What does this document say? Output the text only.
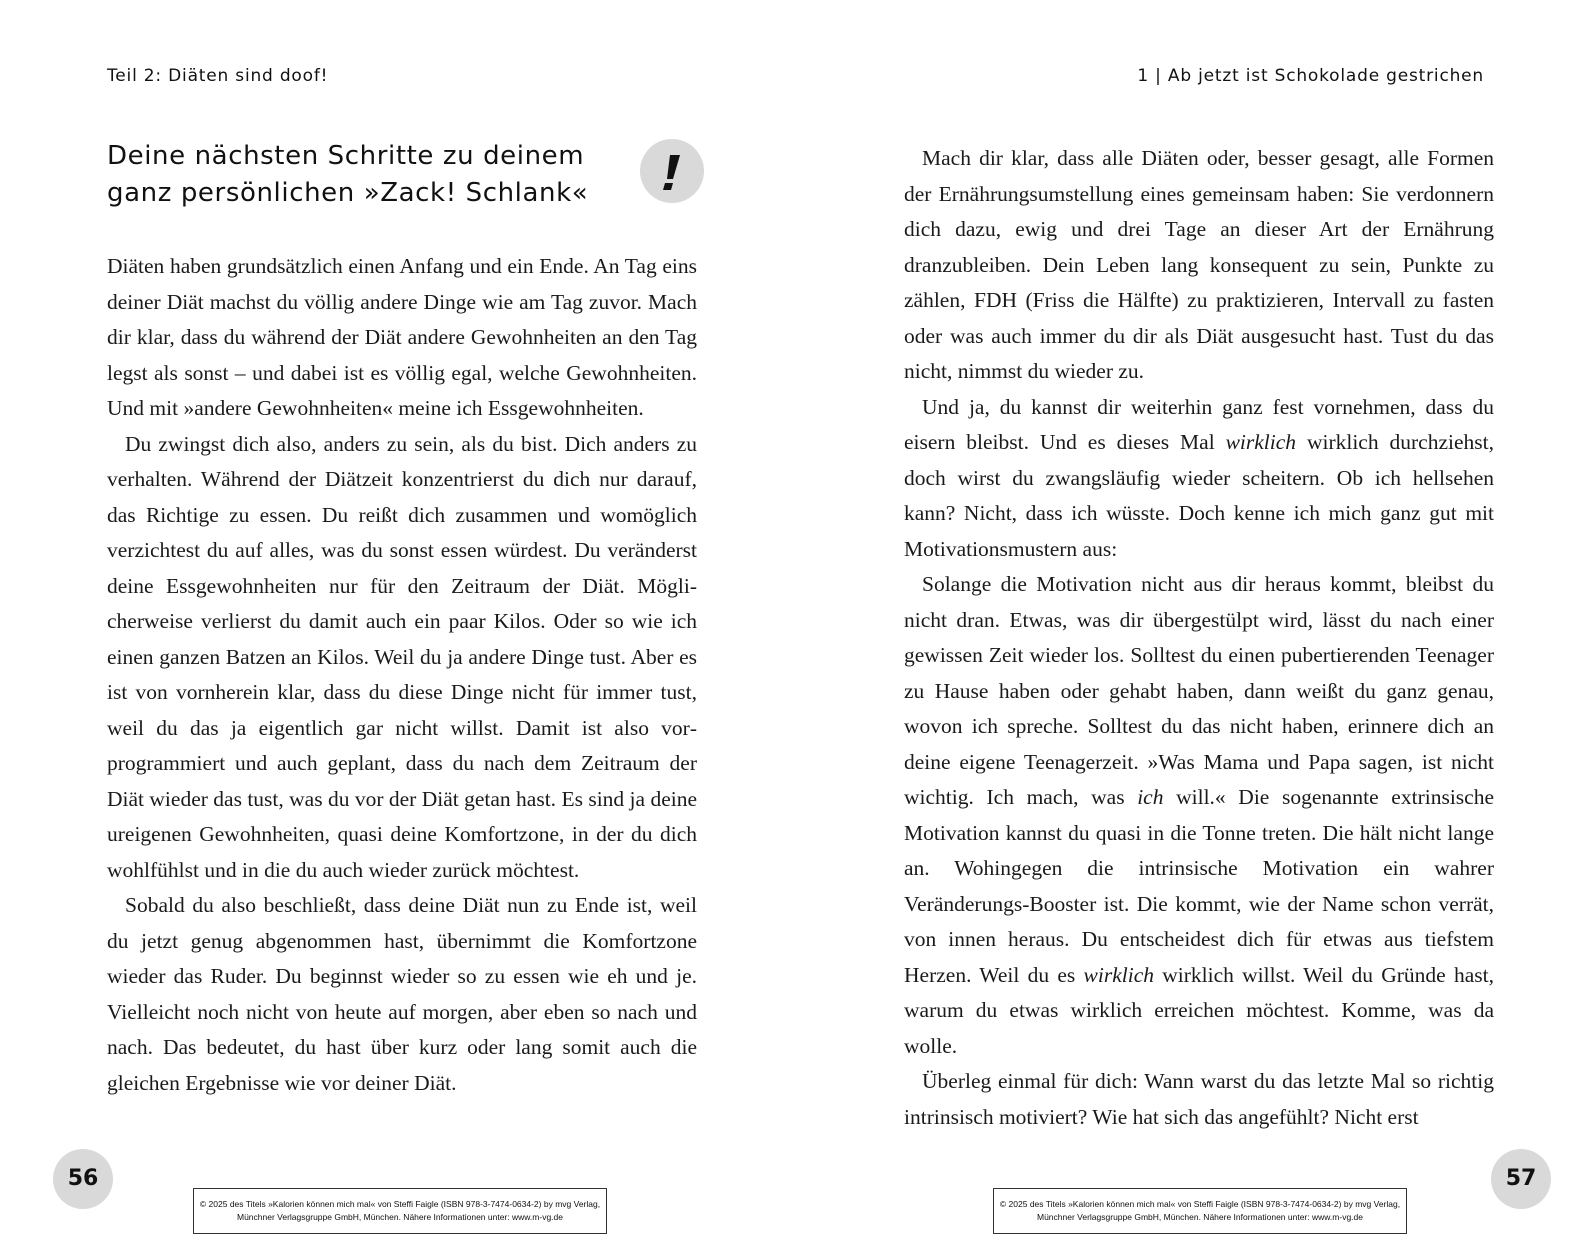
Teil 2: Diäten sind doof!
Deine nächsten Schritte zu deinem
ganz persönlichen »Zack! Schlank«

Diäten haben grundsätzlich einen Anfang und ein Ende. An Tag eins deiner Diät machst du völlig andere Dinge wie am Tag zuvor. Mach dir klar, dass du während der Diät andere Gewohnheiten an den Tag legst als sonst – und dabei ist es völlig egal, welche Gewohnheiten. Und mit »andere Gewohnheiten« meine ich Essgewohnheiten.

Du zwingst dich also, anders zu sein, als du bist. Dich anders zu verhalten. Während der Diätzeit konzentrierst du dich nur darauf, das Richtige zu essen. Du reißt dich zusammen und womöglich verzichtest du auf alles, was du sonst essen würdest. Du veränderst deine Essgewohnheiten nur für den Zeitraum der Diät. Möglicherweise verlierst du damit auch ein paar Kilos. Oder so wie ich einen ganzen Batzen an Kilos. Weil du ja andere Dinge tust. Aber es ist von vornherein klar, dass du diese Dinge nicht für immer tust, weil du das ja eigentlich gar nicht willst. Damit ist also vorprogrammiert und auch geplant, dass du nach dem Zeitraum der Diät wieder das tust, was du vor der Diät getan hast. Es sind ja deine ureigenen Gewohnheiten, quasi deine Komfortzone, in der du dich wohlfühlst und in die du auch wieder zurück möchtest.

Sobald du also beschließt, dass deine Diät nun zu Ende ist, weil du jetzt genug abgenommen hast, übernimmt die Komfortzone wieder das Ruder. Du beginnst wieder so zu essen wie eh und je. Vielleicht noch nicht von heute auf morgen, aber eben so nach und nach. Das bedeutet, du hast über kurz oder lang somit auch die gleichen Ergebnisse wie vor deiner Diät.

56
© 2025 des Titels »Kalorien können mich mal« von Steffi Faigle (ISBN 978-3-7474-0634-2) by mvg Verlag,
Münchner Verlagsgruppe GmbH, München. Nähere Informationen unter: www.m-vg.de
1 | Ab jetzt ist Schokolade gestrichen

Mach dir klar, dass alle Diäten oder, besser gesagt, alle Formen der Ernährungsumstellung eines gemeinsam haben: Sie verdonnern dich dazu, ewig und drei Tage an dieser Art der Ernährung dranzubleiben. Dein Leben lang konsequent zu sein, Punkte zu zählen, FDH (Friss die Hälfte) zu praktizieren, Intervall zu fasten oder was auch immer du dir als Diät ausgesucht hast. Tust du das nicht, nimmst du wieder zu.

Und ja, du kannst dir weiterhin ganz fest vornehmen, dass du eisern bleibst. Und es dieses Mal wirklich wirklich durchziehst, doch wirst du zwangsläufig wieder scheitern. Ob ich hellsehen kann? Nicht, dass ich wüsste. Doch kenne ich mich ganz gut mit Motivationsmustern aus:

Solange die Motivation nicht aus dir heraus kommt, bleibst du nicht dran. Etwas, was dir übergestülpt wird, lässt du nach einer gewissen Zeit wieder los. Solltest du einen pubertierenden Teenager zu Hause haben oder gehabt haben, dann weißt du ganz genau, wovon ich spreche. Solltest du das nicht haben, erinnere dich an deine eigene Teenagerzeit. »Was Mama und Papa sagen, ist nicht wichtig. Ich mach, was ich will.« Die sogenannte extrinsische Motivation kannst du quasi in die Tonne treten. Die hält nicht lange an. Wohingegen die intrinsische Motivation ein wahrer Veränderungs-Booster ist. Die kommt, wie der Name schon verrät, von innen heraus. Du entscheidest dich für etwas aus tiefstem Herzen. Weil du es wirklich wirklich willst. Weil du Gründe hast, warum du etwas wirklich erreichen möchtest. Komme, was da wolle.

Überleg einmal für dich: Wann warst du das letzte Mal so richtig intrinsisch motiviert? Wie hat sich das angefühlt? Nicht erst

57
© 2025 des Titels »Kalorien können mich mal« von Steffi Faigle (ISBN 978-3-7474-0634-2) by mvg Verlag,
Münchner Verlagsgruppe GmbH, München. Nähere Informationen unter: www.m-vg.de
